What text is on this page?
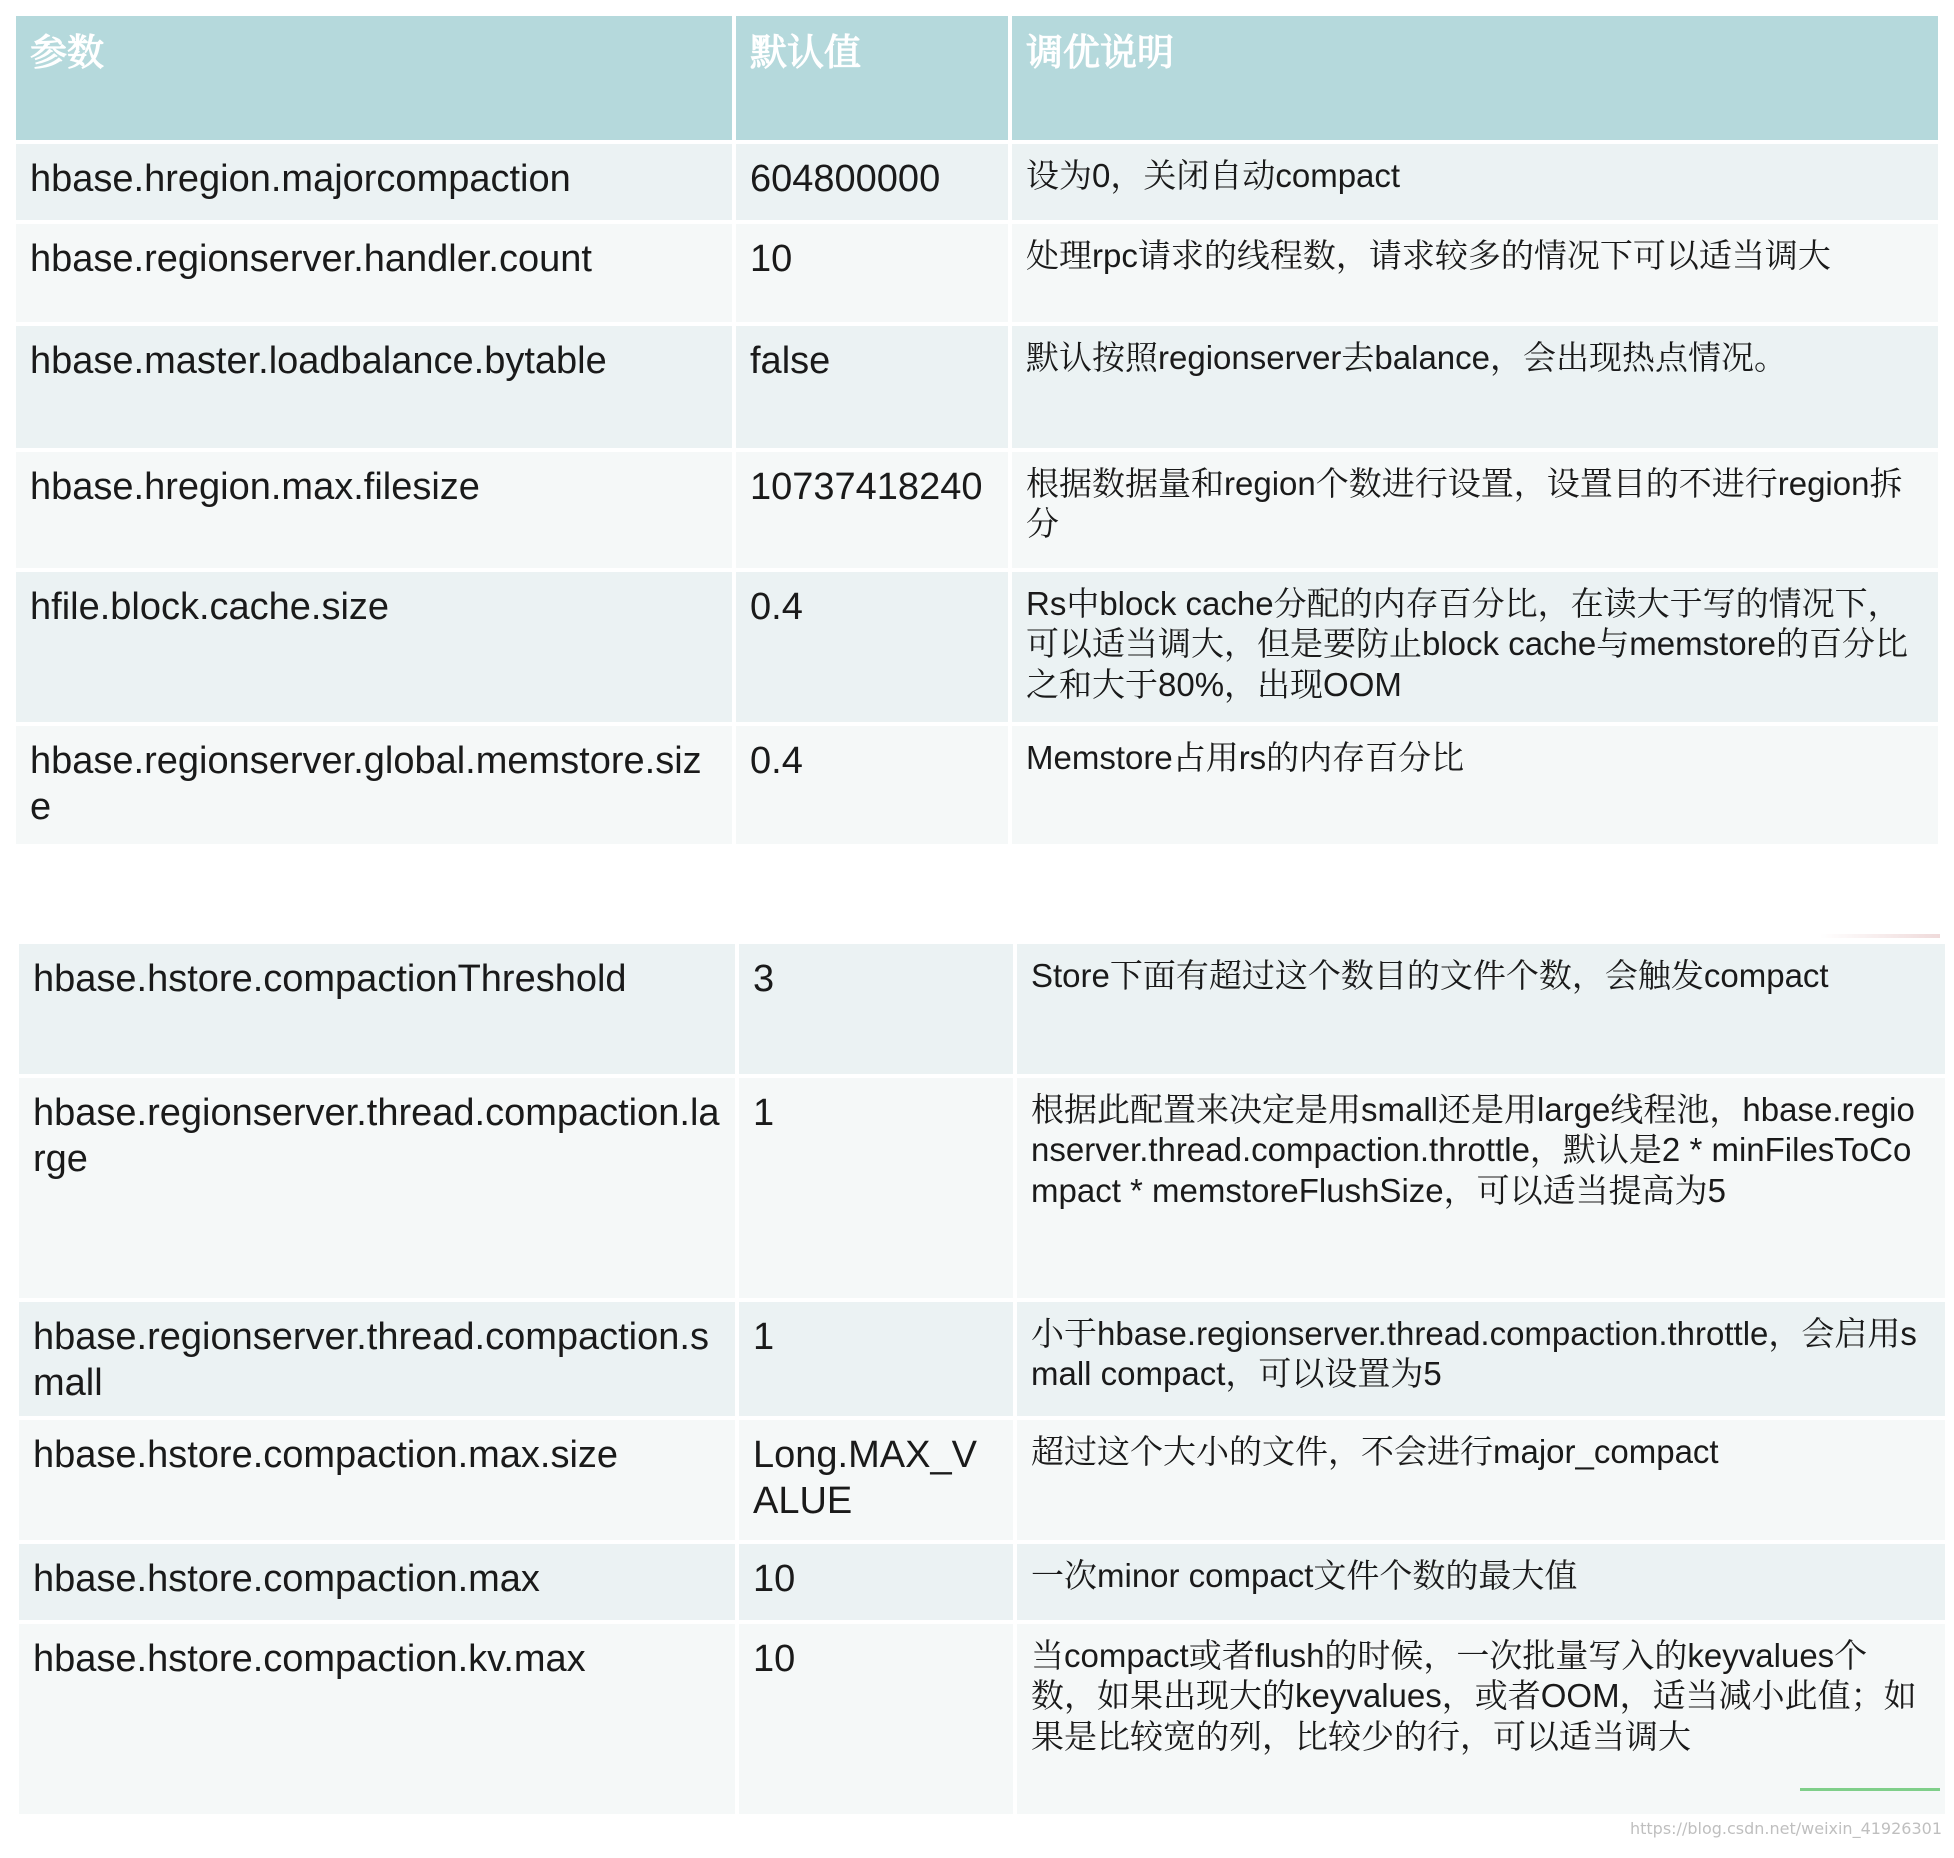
参数	默认值	调优说明
hbase.hregion.majorcompaction	604800000	设为0，关闭自动compact
hbase.regionserver.handler.count	10	处理rpc请求的线程数，请求较多的情况下可以适当调大
hbase.master.loadbalance.bytable	false	默认按照regionserver去balance，会出现热点情况。
hbase.hregion.max.filesize	10737418240	根据数据量和region个数进行设置，设置目的不进行region拆分
hfile.block.cache.size	0.4	Rs中block cache分配的内存百分比，在读大于写的情况下，可以适当调大，但是要防止block cache与memstore的百分比之和大于80%，出现OOM
hbase.regionserver.global.memstore.size	0.4	Memstore占用rs的内存百分比
hbase.hstore.compactionThreshold	3	Store下面有超过这个数目的文件个数，会触发compact
hbase.regionserver.thread.compaction.large	1	根据此配置来决定是用small还是用large线程池，hbase.regionserver.thread.compaction.throttle，默认是2 * minFilesToCompact * memstoreFlushSize，可以适当提高为5
hbase.regionserver.thread.compaction.small	1	小于hbase.regionserver.thread.compaction.throttle，会启用small compact，可以设置为5
hbase.hstore.compaction.max.size	Long.MAX_VALUE	超过这个大小的文件，不会进行major_compact
hbase.hstore.compaction.max	10	一次minor compact文件个数的最大值
hbase.hstore.compaction.kv.max	10	当compact或者flush的时候，一次批量写入的keyvalues个数，如果出现大的keyvalues，或者OOM，适当减小此值；如果是比较宽的列，比较少的行，可以适当调大
https://blog.csdn.net/weixin_41926301
